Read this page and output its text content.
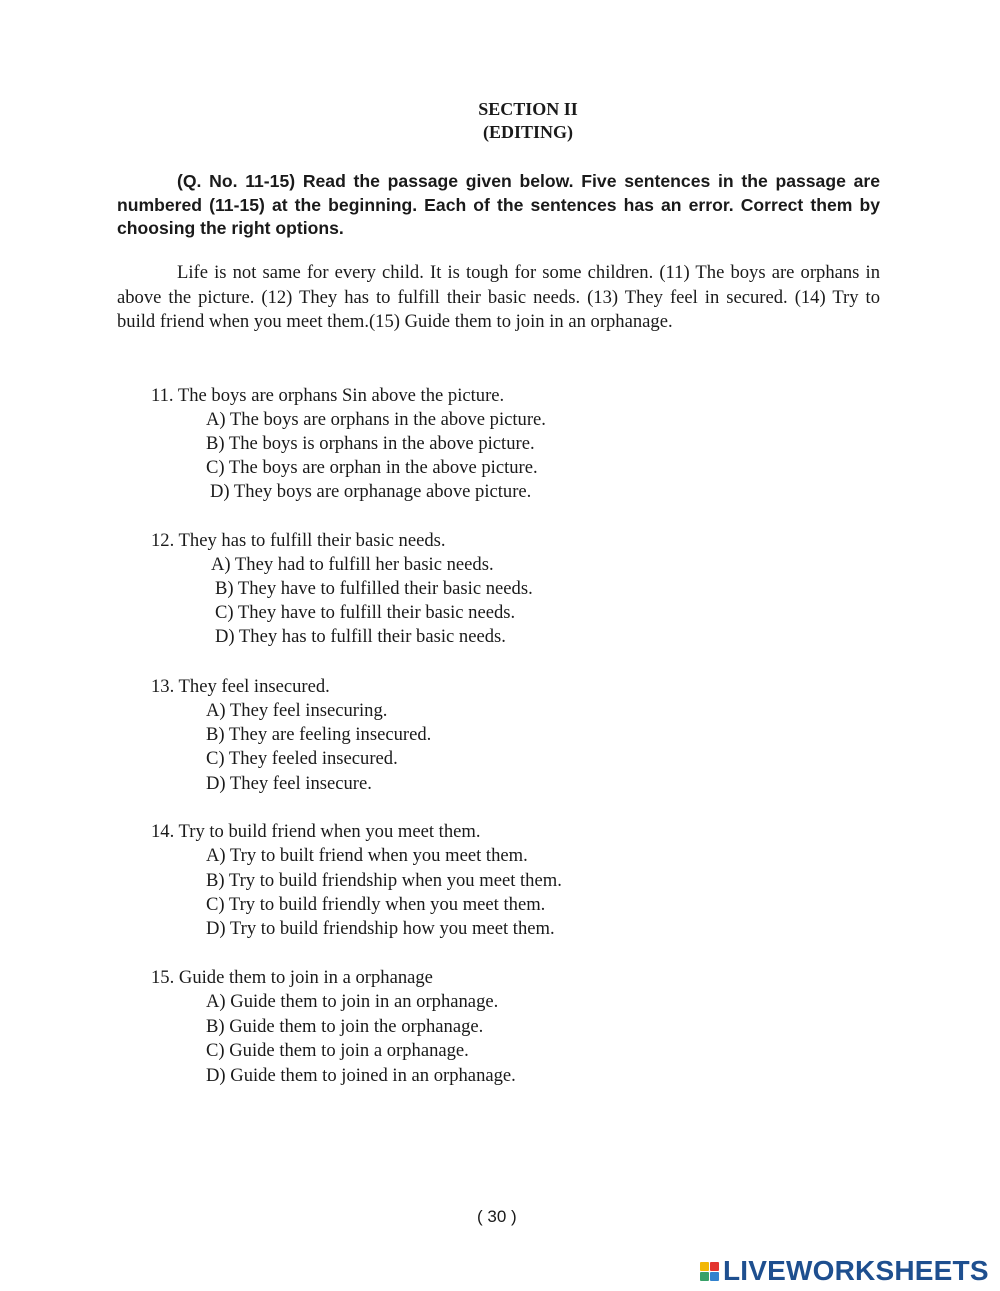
SECTION II
(EDITING)
(Q. No. 11-15) Read the passage given below. Five sentences in the passage are numbered (11-15) at the beginning. Each of the sentences has an error. Correct them by choosing the right options.
Life is not same for every child. It is tough for some children. (11) The boys are orphans in above the picture. (12) They has to fulfill their basic needs. (13) They feel in secured. (14) Try to build friend when you meet them.(15) Guide them to join in an orphanage.
11. The boys are orphans Sin above the picture.
A) The boys are orphans in the above picture.
B) The boys is orphans in the above picture.
C) The boys are orphan in the above picture.
D) They boys are orphanage above picture.
12. They has to fulfill their basic needs.
A) They had to fulfill her basic needs.
B) They have to fulfilled their basic needs.
C) They have to fulfill their basic needs.
D) They has to fulfill their basic needs.
13. They feel insecured.
A) They feel insecuring.
B) They are feeling insecured.
C) They feeled insecured.
D) They feel insecure.
14. Try to build friend when you meet them.
A) Try to built friend when you meet them.
B) Try to build friendship when you meet them.
C) Try to build friendly when you meet them.
D) Try to build friendship how you meet them.
15. Guide them to join in a orphanage
A) Guide them to join in an orphanage.
B) Guide them to join the orphanage.
C) Guide them to join a orphanage.
D) Guide them to joined in an orphanage.
( 30 )
LIVEWORKSHEETS
